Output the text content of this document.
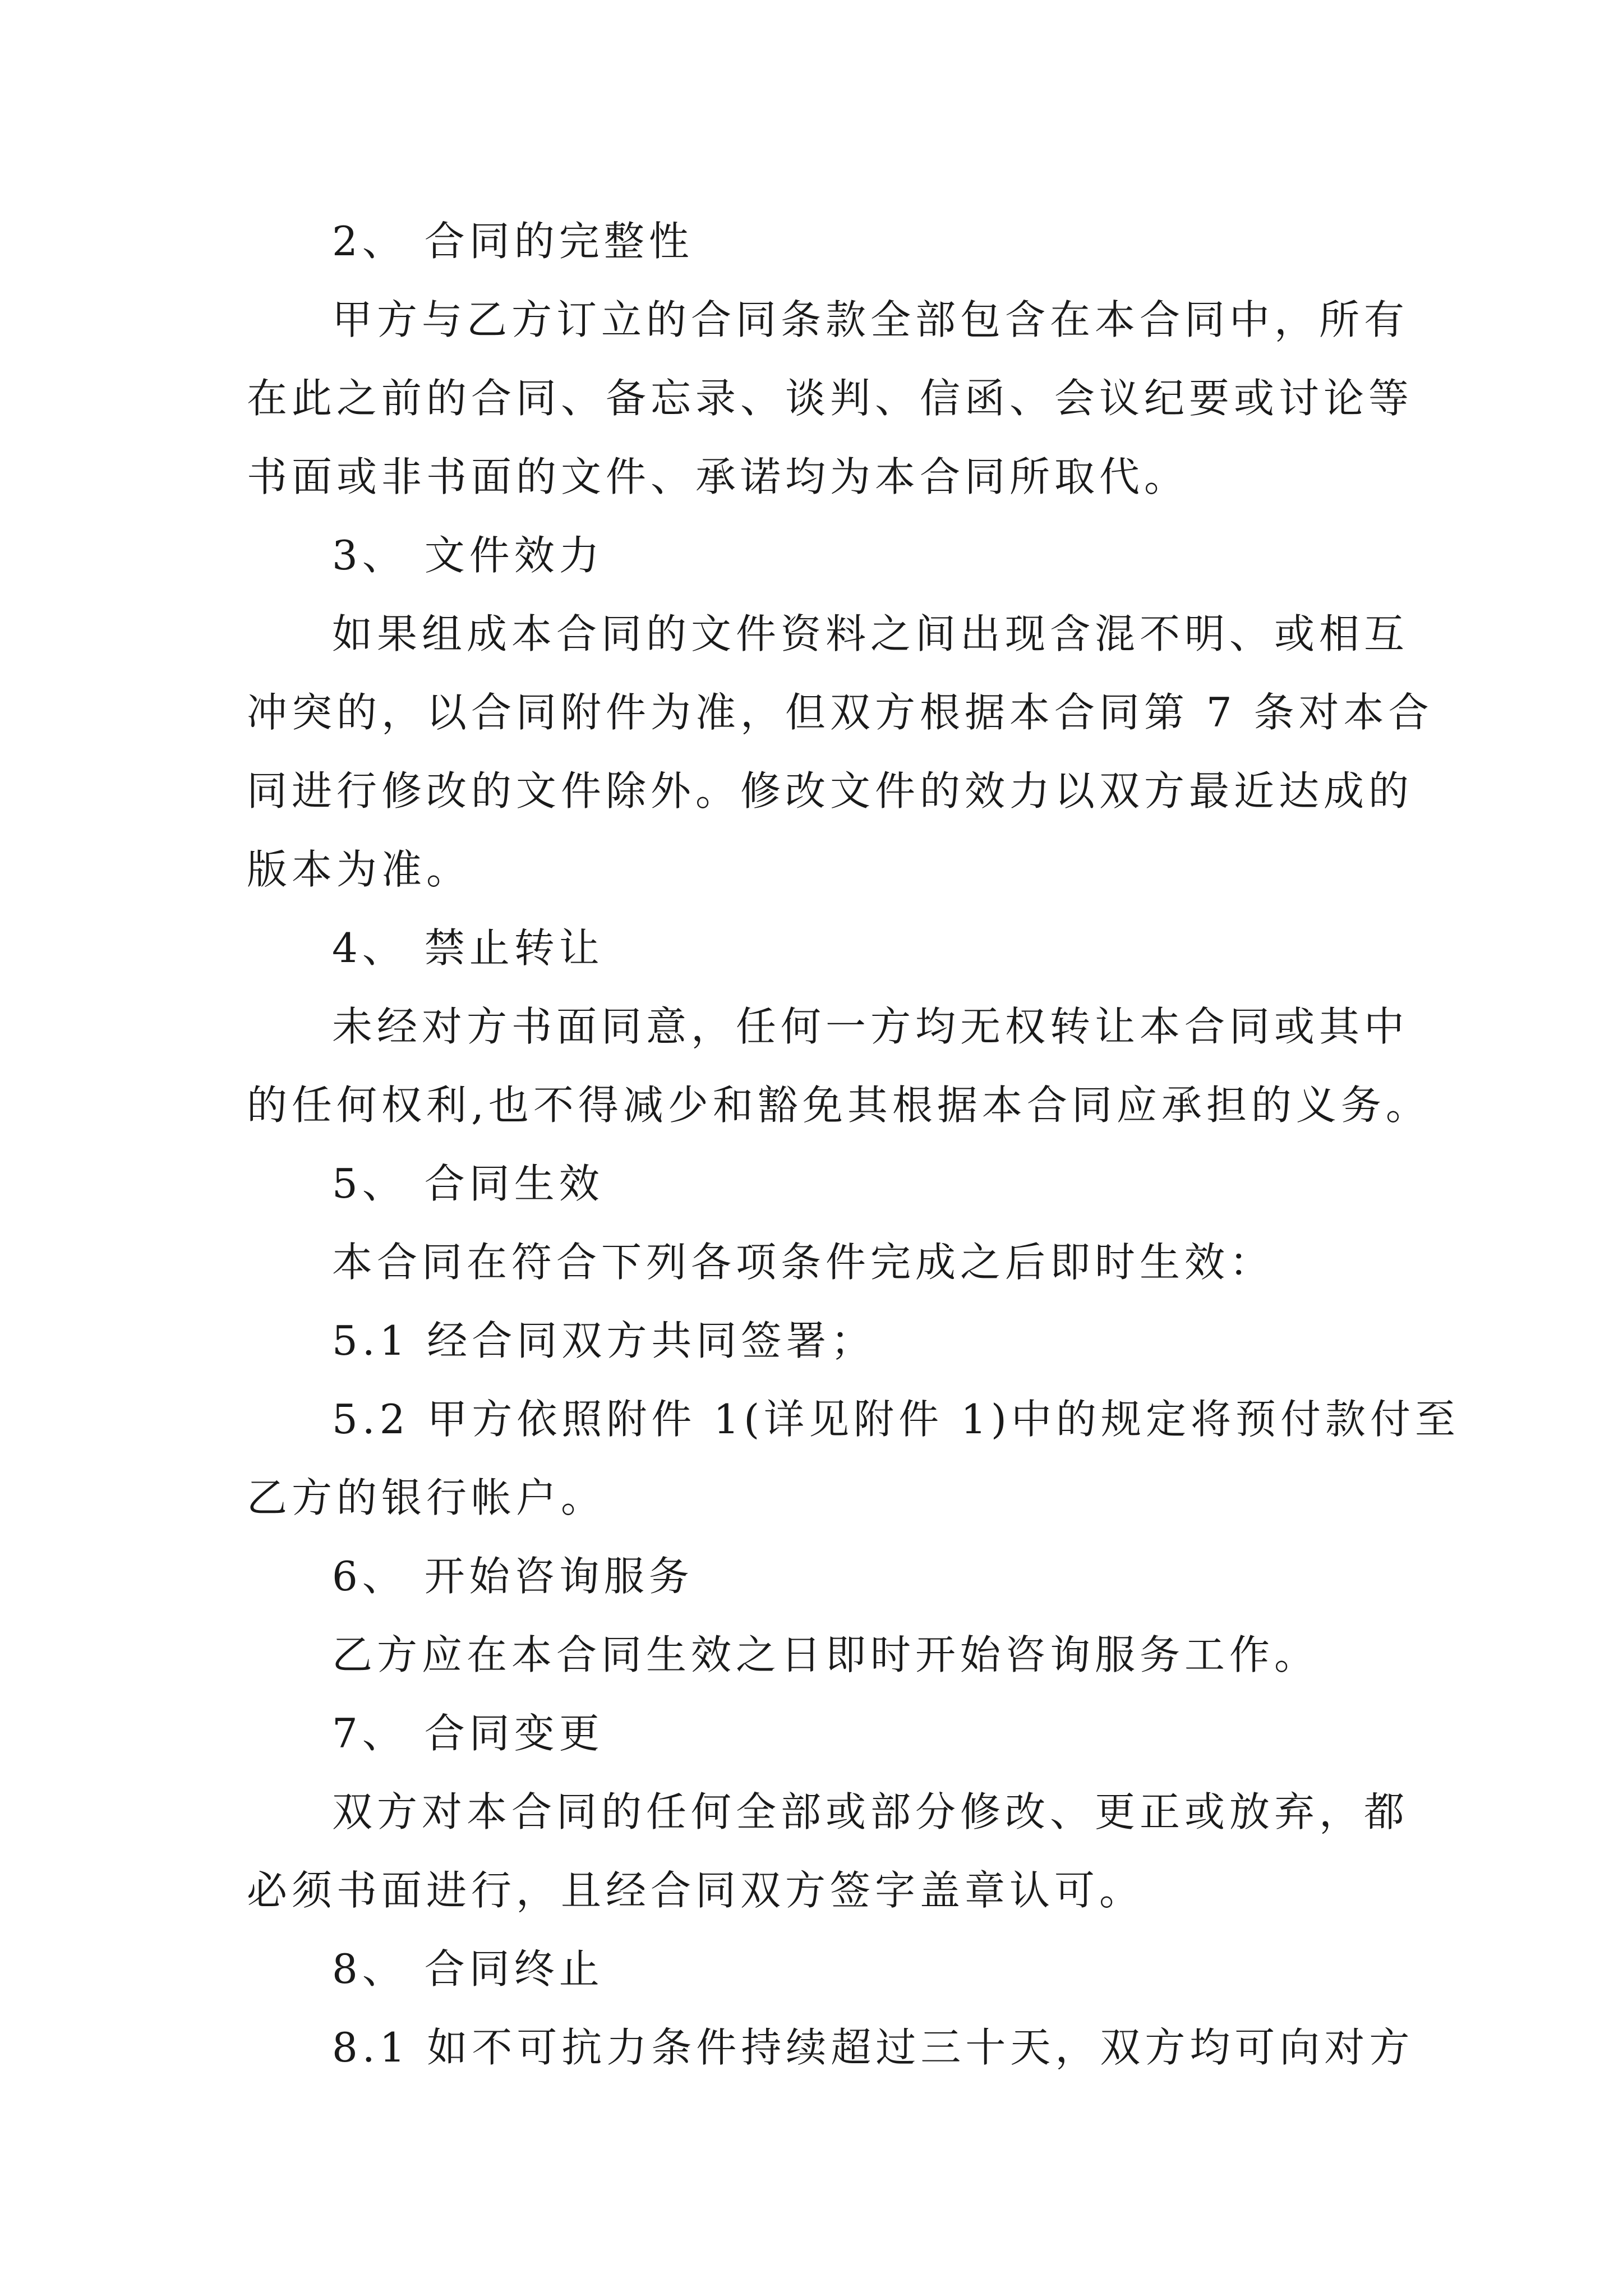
2、 合同的完整性
甲方与乙方订立的合同条款全部包含在本合同中，所有
在此之前的合同、备忘录、谈判、信函、会议纪要或讨论等
书面或非书面的文件、承诺均为本合同所取代。
3、 文件效力
如果组成本合同的文件资料之间出现含混不明、或相互
冲突的，以合同附件为准，但双方根据本合同第 7 条对本合
同进行修改的文件除外。修改文件的效力以双方最近达成的
版本为准。
4、 禁止转让
未经对方书面同意，任何一方均无权转让本合同或其中
的任何权利,也不得减少和豁免其根据本合同应承担的义务。
5、 合同生效
本合同在符合下列各项条件完成之后即时生效：
5.1 经合同双方共同签署；
5.2 甲方依照附件 1(详见附件 1)中的规定将预付款付至
乙方的银行帐户。
6、 开始咨询服务
乙方应在本合同生效之日即时开始咨询服务工作。
7、 合同变更
双方对本合同的任何全部或部分修改、更正或放弃，都
必须书面进行，且经合同双方签字盖章认可。
8、 合同终止
8.1 如不可抗力条件持续超过三十天，双方均可向对方
